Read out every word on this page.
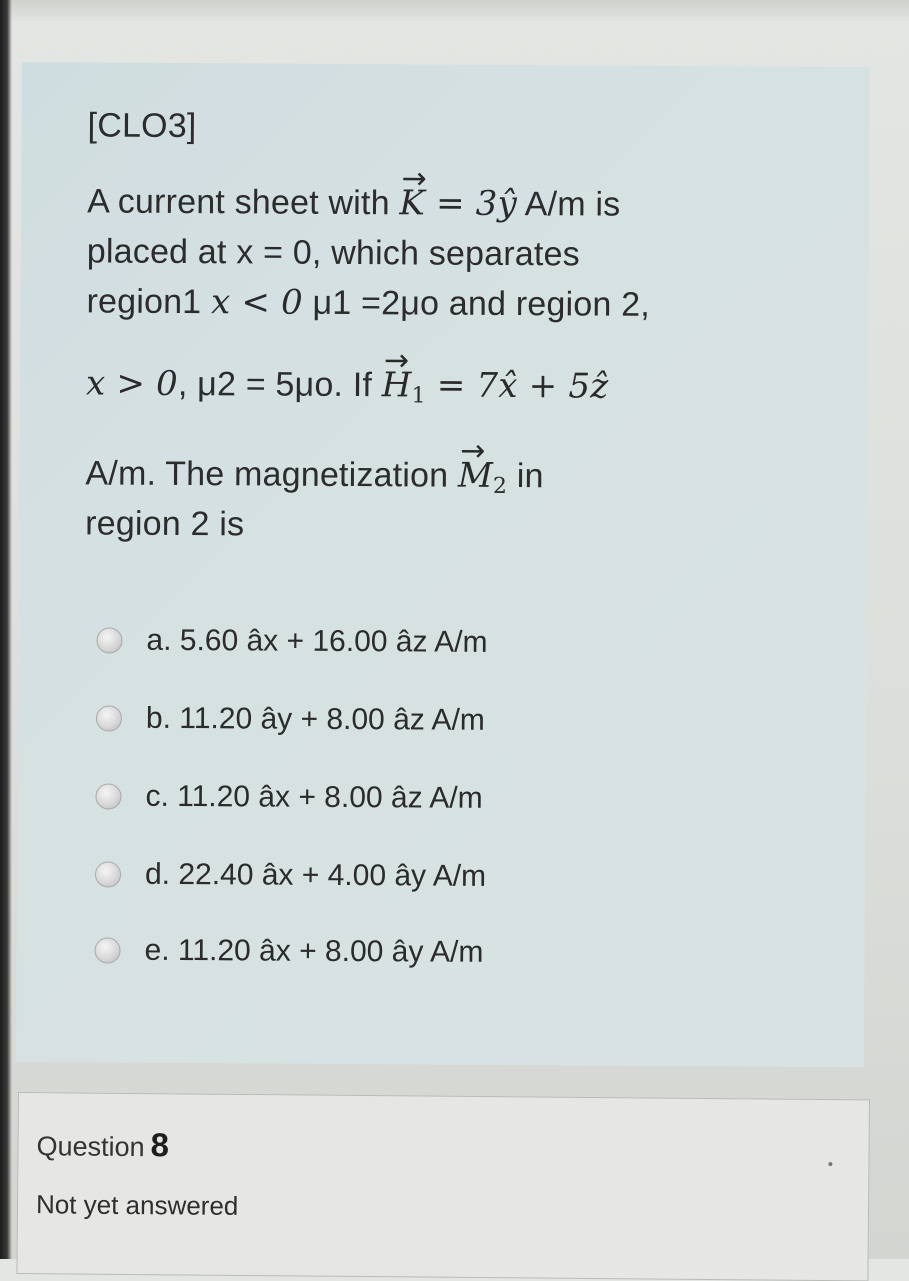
[CLO3]
A current sheet with → K = 3ŷ A/m is
placed at x = 0, which separates
region1 x < 0 μ1 =2μo and region 2,
x > 0, μ2 = 5μo. If → H1 = 7x̂ + 5ẑ
A/m. The magnetization → M2 in
region 2 is
a. 5.60 âx + 16.00 âz A/m
b. 11.20 ây + 8.00 âz A/m
c. 11.20 âx + 8.00 âz A/m
d. 22.40 âx + 4.00 ây A/m
e. 11.20 âx + 8.00 ây A/m
Question 8
Not yet answered
